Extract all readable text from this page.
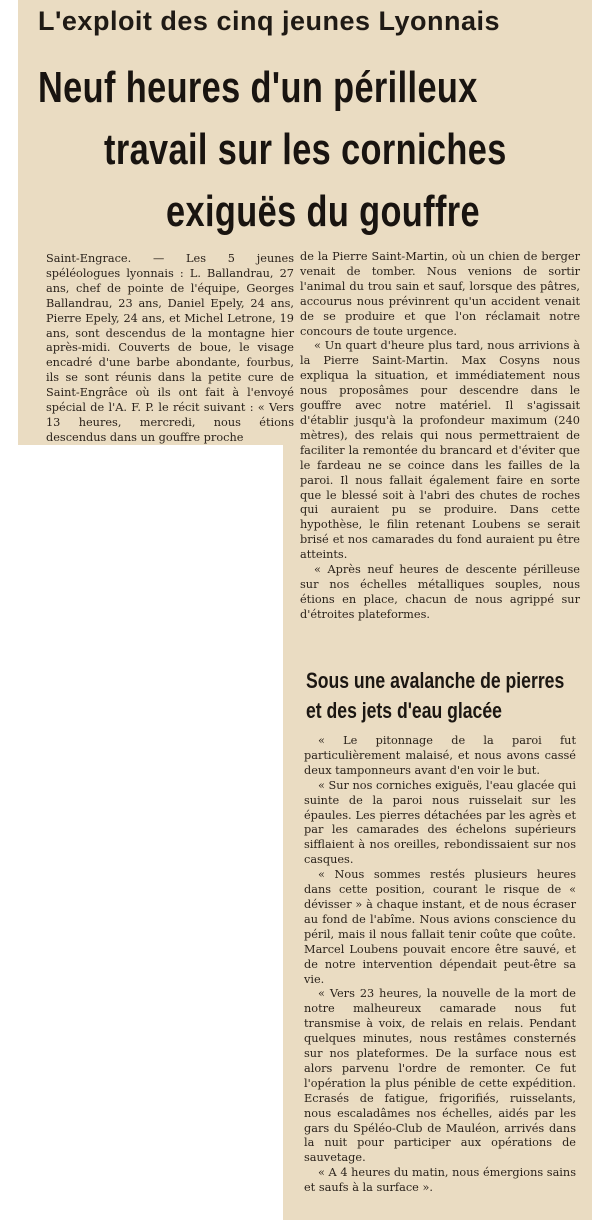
L'exploit des cinq jeunes Lyonnais
Neuf heures d'un périlleux
travail sur les corniches
exiguës du gouffre

Saint-Engrace. — Les 5 jeunes spéléologues lyonnais : L. Ballandrau, 27 ans, chef de pointe de l'équipe, Georges Ballandrau, 23 ans, Daniel Epely, 24 ans, Pierre Epely, 24 ans, et Michel Letrone, 19 ans, sont descendus de la montagne hier après-midi. Couverts de boue, le visage encadré d'une barbe abondante, fourbus, ils se sont réunis dans la petite cure de Saint-Engrâce où ils ont fait à l'envoyé spécial de l'A. F. P. le récit suivant : « Vers 13 heures, mercredi, nous étions descendus dans un gouffre proche

de la Pierre Saint-Martin, où un chien de berger venait de tomber. Nous venions de sortir l'animal du trou sain et sauf, lorsque des pâtres, accourus nous prévinrent qu'un accident venait de se produire et que l'on réclamait notre concours de toute urgence.

« Un quart d'heure plus tard, nous arrivions à la Pierre Saint-Martin. Max Cosyns nous expliqua la situation, et immédiatement nous nous proposâmes pour descendre dans le gouffre avec notre matériel. Il s'agissait d'établir jusqu'à la profondeur maximum (240 mètres), des relais qui nous permettraient de faciliter la remontée du brancard et d'éviter que le fardeau ne se coince dans les failles de la paroi. Il nous fallait également faire en sorte que le blessé soit à l'abri des chutes de roches qui auraient pu se produire. Dans cette hypothèse, le filin retenant Loubens se serait brisé et nos camarades du fond auraient pu être atteints.

« Après neuf heures de descente périlleuse sur nos échelles métalliques souples, nous étions en place, chacun de nous agrippé sur d'étroites plateformes.

Sous une avalanche de pierres
et des jets d'eau glacée

« Le pitonnage de la paroi fut particulièrement malaisé, et nous avons cassé deux tamponneurs avant d'en voir le but.

« Sur nos corniches exiguës, l'eau glacée qui suinte de la paroi nous ruisselait sur les épaules. Les pierres détachées par les agrès et par les camarades des échelons supérieurs sifflaient à nos oreilles, rebondissaient sur nos casques.

« Nous sommes restés plusieurs heures dans cette position, courant le risque de « dévisser » à chaque instant, et de nous écraser au fond de l'abîme. Nous avions conscience du péril, mais il nous fallait tenir coûte que coûte. Marcel Loubens pouvait encore être sauvé, et de notre intervention dépendait peut-être sa vie.

« Vers 23 heures, la nouvelle de la mort de notre malheureux camarade nous fut transmise à voix, de relais en relais. Pendant quelques minutes, nous restâmes consternés sur nos plateformes. De la surface nous est alors parvenu l'ordre de remonter. Ce fut l'opération la plus pénible de cette expédition. Ecrasés de fatigue, frigorifiés, ruisselants, nous escaladâmes nos échelles, aidés par les gars du Spéléo-Club de Mauléon, arrivés dans la nuit pour participer aux opérations de sauvetage.

« A 4 heures du matin, nous émergions sains et saufs à la surface ».
